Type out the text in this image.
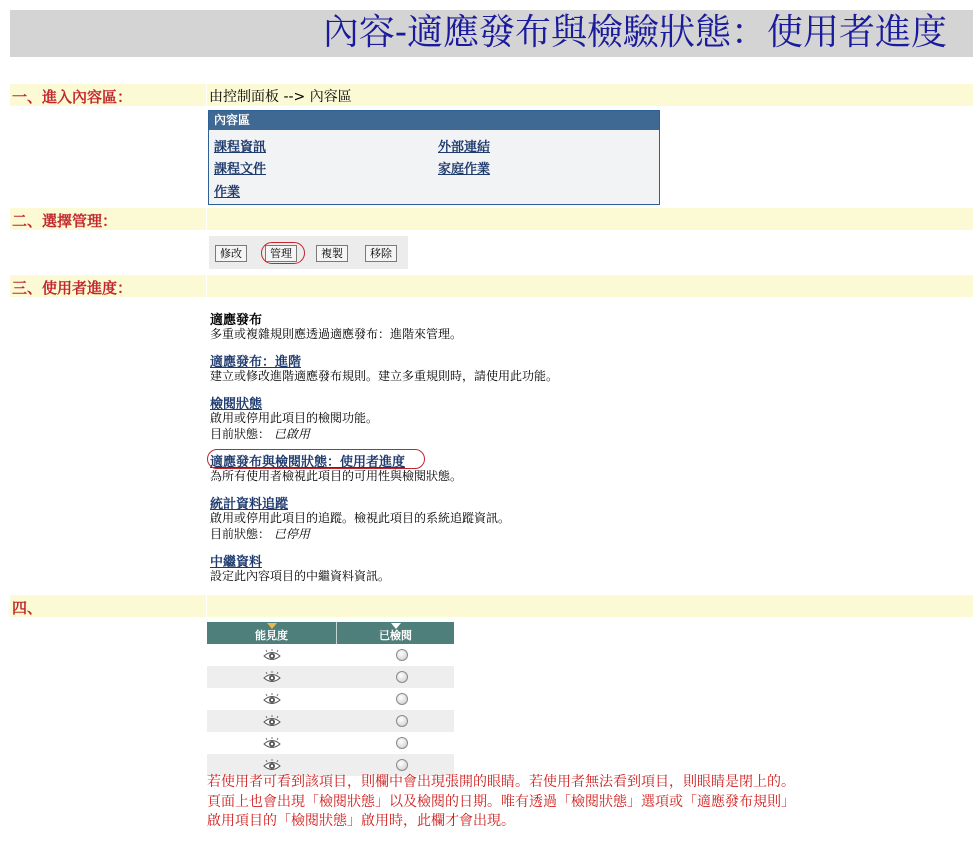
內容-適應發布與檢驗狀態：使用者進度
一、進入內容區：	由控制面板 --> 內容區
內容區
課程資訊	外部連結
課程文件	家庭作業
作業
二、選擇管理：
修改	管理	複製	移除
三、使用者進度：
適應發布
多重或複雜規則應透過適應發布：進階來管理。
適應發布：進階
建立或修改進階適應發布規則。建立多重規則時，請使用此功能。
檢閱狀態
啟用或停用此項目的檢閱功能。
目前狀態： 已啟用
適應發布與檢閱狀態：使用者進度
為所有使用者檢視此項目的可用性與檢閱狀態。
統計資料追蹤
啟用或停用此項目的追蹤。檢視此項目的系統追蹤資訊。
目前狀態： 已停用
中繼資料
設定此內容項目的中繼資料資訊。
四、
能見度	已檢閱
若使用者可看到該項目，則欄中會出現張開的眼睛。若使用者無法看到項目，則眼睛是閉上的。
頁面上也會出現「檢閱狀態」以及檢閱的日期。唯有透過「檢閱狀態」選項或「適應發布規則」
啟用項目的「檢閱狀態」啟用時，此欄才會出現。
